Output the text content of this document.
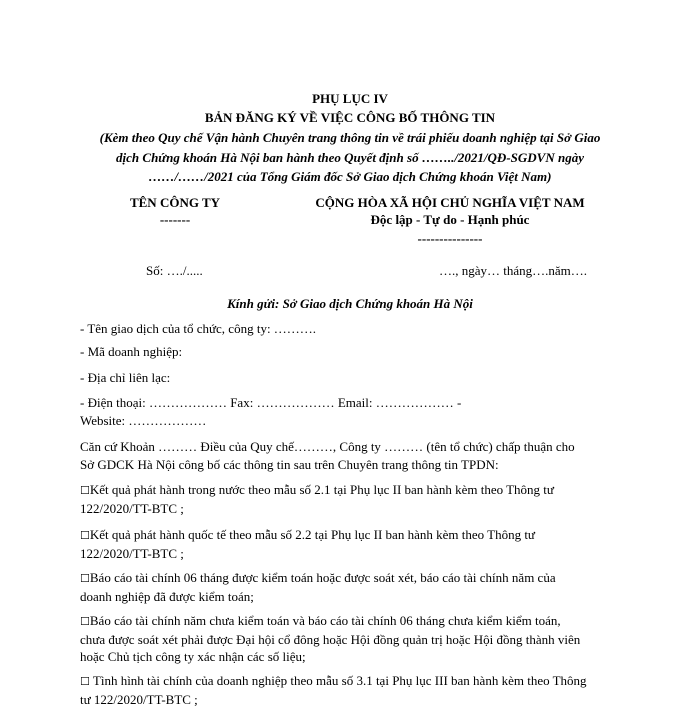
PHỤ LỤC IV
BẢN ĐĂNG KÝ VỀ VIỆC CÔNG BỐ THÔNG TIN
(Kèm theo Quy chế Vận hành Chuyên trang thông tin về trái phiếu doanh nghiệp tại Sở Giao
dịch Chứng khoán Hà Nội ban hành theo Quyết định số ……../2021/QĐ-SGDVN ngày
……/……/2021 của Tổng Giám đốc Sở Giao dịch Chứng khoán Việt Nam)
TÊN CÔNG TY
-------
CỘNG HÒA XÃ HỘI CHỦ NGHĨA VIỆT NAM
Độc lập - Tự do - Hạnh phúc
---------------
Số: …./.....	…., ngày… tháng….năm….
Kính gửi: Sở Giao dịch Chứng khoán Hà Nội
- Tên giao dịch của tổ chức, công ty: ……….
- Mã doanh nghiệp:
- Địa chỉ liên lạc:
- Điện thoại: ……………… Fax: ……………… Email: ……………… -
Website: ………………
Căn cứ Khoản ……… Điều của Quy chế………, Công ty ……… (tên tổ chức) chấp thuận cho
Sở GDCK Hà Nội công bố các thông tin sau trên Chuyên trang thông tin TPDN:
☐Kết quả phát hành trong nước theo mẫu số 2.1 tại Phụ lục II ban hành kèm theo Thông tư
122/2020/TT-BTC ;
☐Kết quả phát hành quốc tế theo mẫu số 2.2 tại Phụ lục II ban hành kèm theo Thông tư
122/2020/TT-BTC ;
☐Báo cáo tài chính 06 tháng được kiểm toán hoặc được soát xét, báo cáo tài chính năm của
doanh nghiệp đã được kiểm toán;
☐Báo cáo tài chính năm chưa kiểm toán và báo cáo tài chính 06 tháng chưa kiểm kiểm toán,
chưa được soát xét phải được Đại hội cổ đông hoặc Hội đồng quản trị hoặc Hội đồng thành viên
hoặc Chủ tịch công ty xác nhận các số liệu;
☐ Tình hình tài chính của doanh nghiệp theo mẫu số 3.1 tại Phụ lục III ban hành kèm theo Thông
tư 122/2020/TT-BTC ;
